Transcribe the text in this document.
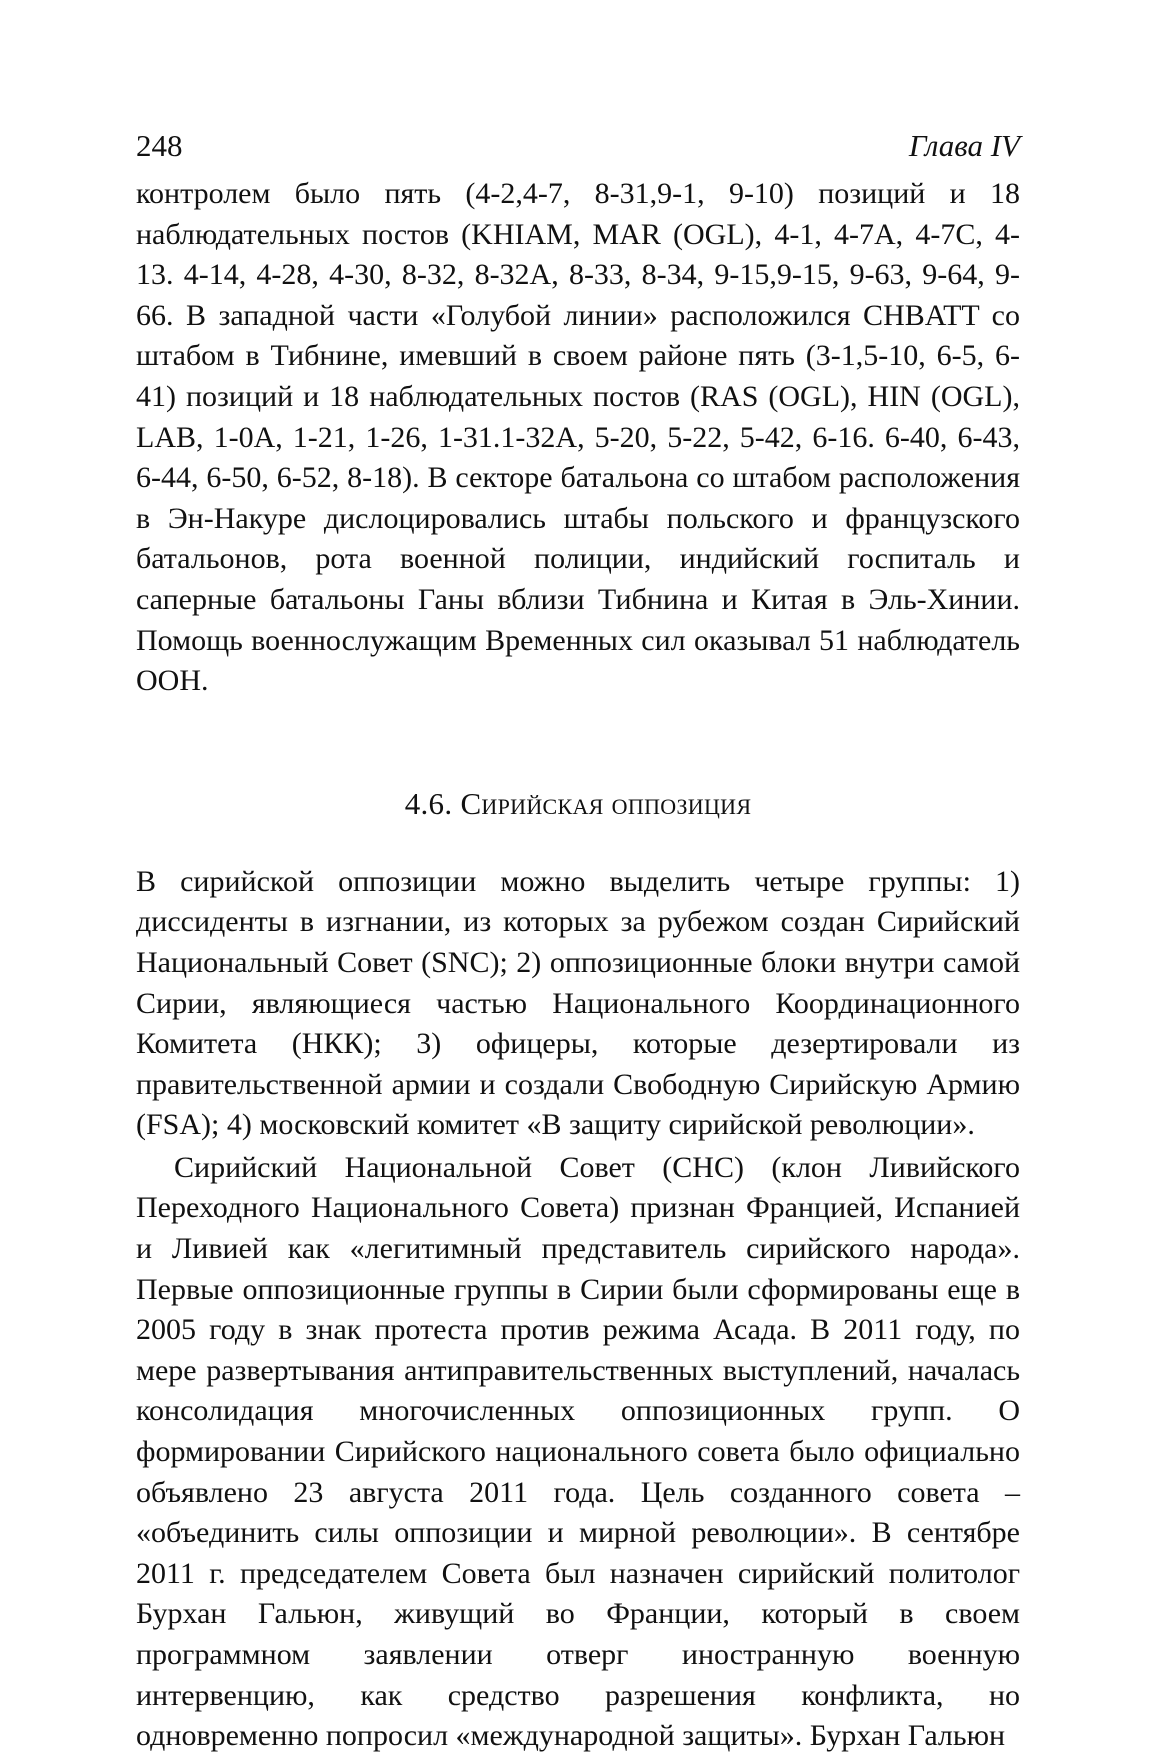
248	Глава IV

контролем было пять (4-2,4-7, 8-31,9-1, 9-10) позиций и 18 наблюдательных постов (KHIAM, MAR (OGL), 4-1, 4-7A, 4-7C, 4-13. 4-14, 4-28, 4-30, 8-32, 8-32A, 8-33, 8-34, 9-15,9-15, 9-63, 9-64, 9-66. В западной части «Голубой линии» расположился CHBATT со штабом в Тибнине, имевший в своем районе пять (3-1,5-10, 6-5, 6-41) позиций и 18 наблюдательных постов (RAS (OGL), HIN (OGL), LAB, 1-0A, 1-21, 1-26, 1-31.1-32A, 5-20, 5-22, 5-42, 6-16. 6-40, 6-43, 6-44, 6-50, 6-52, 8-18). В секторе батальона со штабом расположения в Эн-Накуре дислоцировались штабы польского и французского батальонов, рота военной полиции, индийский госпиталь и саперные батальоны Ганы вблизи Тибнина и Китая в Эль-Хинии. Помощь военнослужащим Временных сил оказывал 51 наблюдатель ООН.

4.6. Сирийская оппозиция

В сирийской оппозиции можно выделить четыре группы: 1) диссиденты в изгнании, из которых за рубежом создан Сирийский Национальный Совет (SNC); 2) оппозиционные блоки внутри самой Сирии, являющиеся частью Национального Координационного Комитета (НКК); 3) офицеры, которые дезертировали из правительственной армии и создали Свободную Сирийскую Армию (FSA); 4) московский комитет «В защиту сирийской революции».

Сирийский Национальной Совет (СНС) (клон Ливийского Переходного Национального Совета) признан Францией, Испанией и Ливией как «легитимный представитель сирийского народа». Первые оппозиционные группы в Сирии были сформированы еще в 2005 году в знак протеста против режима Асада. В 2011 году, по мере развертывания антиправительственных выступлений, началась консолидация многочисленных оппозиционных групп. О формировании Сирийского национального совета было официально объявлено 23 августа 2011 года. Цель созданного совета – «объединить силы оппозиции и мирной революции». В сентябре 2011 г. председателем Совета был назначен сирийский политолог Бурхан Гальюн, живущий во Франции, который в своем программном заявлении отверг иностранную военную интервенцию, как средство разрешения конфликта, но одновременно попросил «международной защиты». Бурхан Гальюн
